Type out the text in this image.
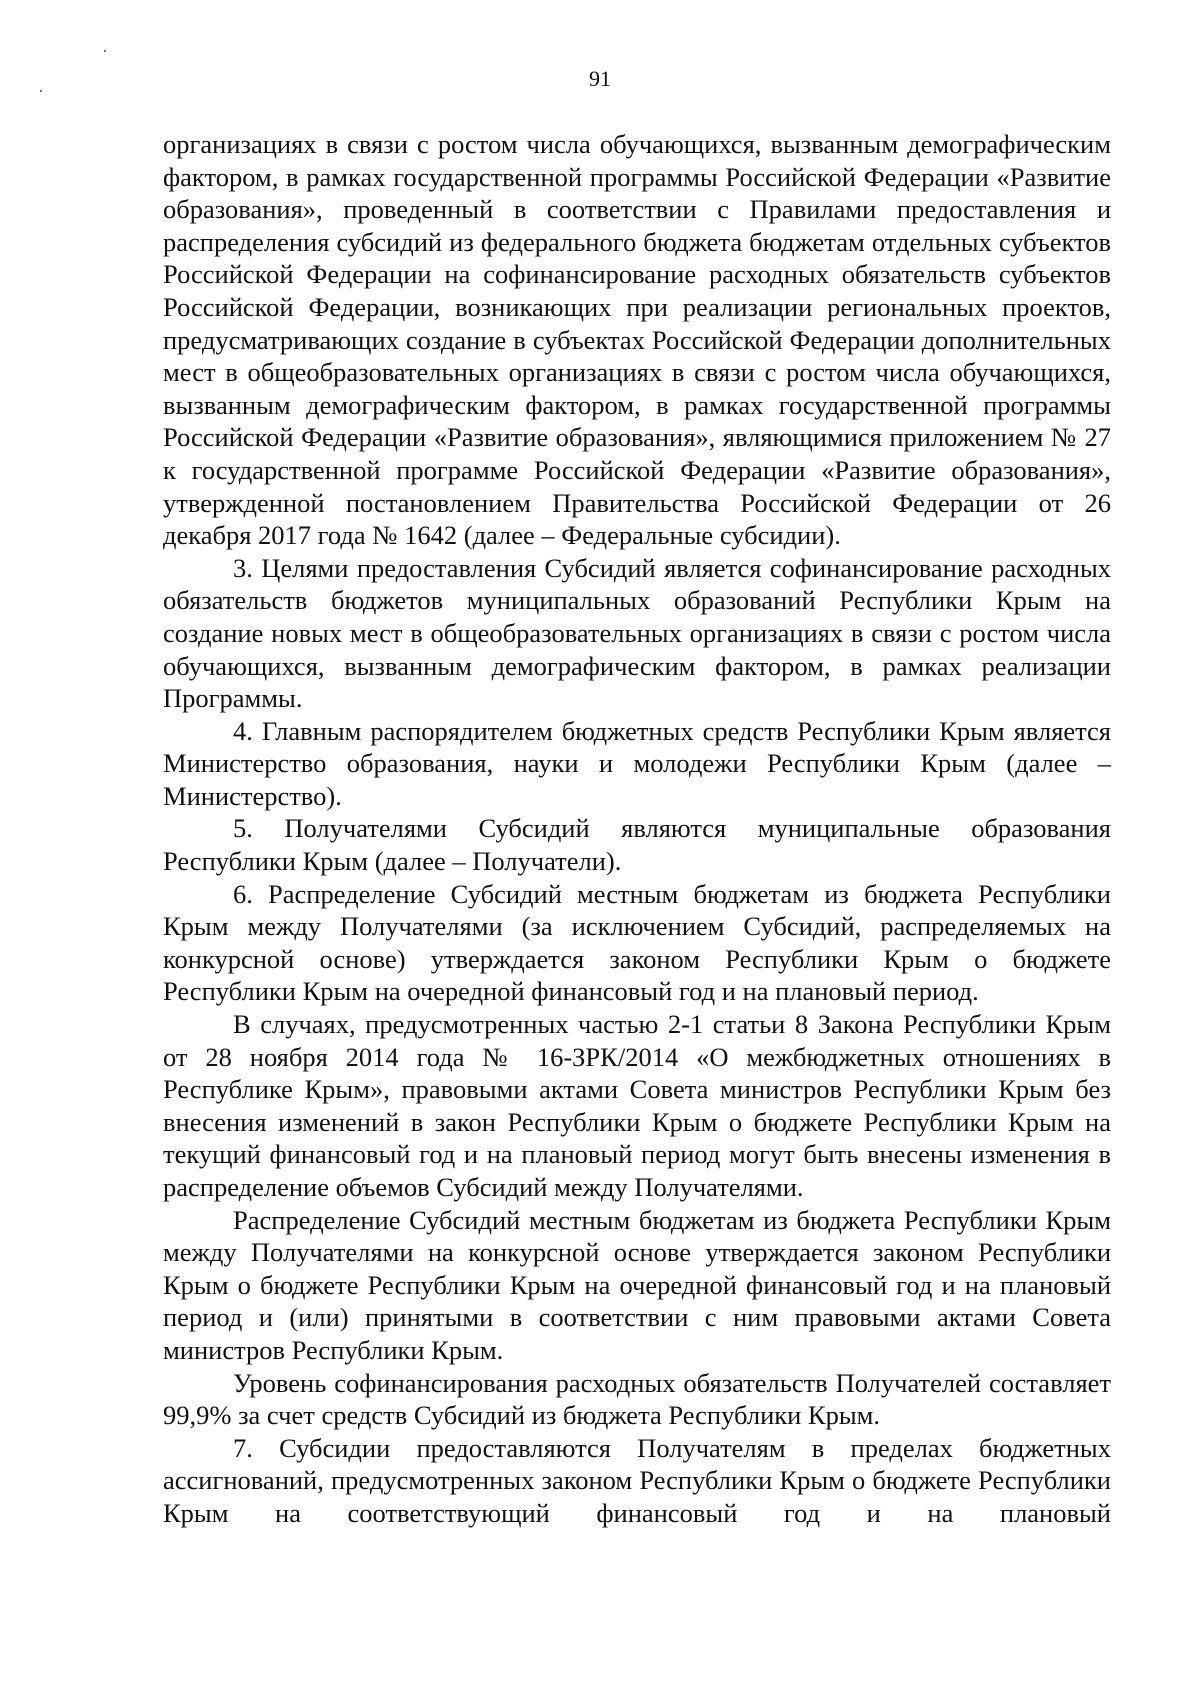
91

организациях в связи с ростом числа обучающихся, вызванным демографическим фактором, в рамках государственной программы Российской Федерации «Развитие образования», проведенный в соответствии с Правилами предоставления и распределения субсидий из федерального бюджета бюджетам отдельных субъектов Российской Федерации на софинансирование расходных обязательств субъектов Российской Федерации, возникающих при реализации региональных проектов, предусматривающих создание в субъектах Российской Федерации дополнительных мест в общеобразовательных организациях в связи с ростом числа обучающихся, вызванным демографическим фактором, в рамках государственной программы Российской Федерации «Развитие образования», являющимися приложением № 27 к государственной программе Российской Федерации «Развитие образования», утвержденной постановлением Правительства Российской Федерации от 26 декабря 2017 года № 1642 (далее – Федеральные субсидии).

3. Целями предоставления Субсидий является софинансирование расходных обязательств бюджетов муниципальных образований Республики Крым на создание новых мест в общеобразовательных организациях в связи с ростом числа обучающихся, вызванным демографическим фактором, в рамках реализации Программы.

4. Главным распорядителем бюджетных средств Республики Крым является Министерство образования, науки и молодежи Республики Крым (далее – Министерство).

5. Получателями Субсидий являются муниципальные образования Республики Крым (далее – Получатели).

6. Распределение Субсидий местным бюджетам из бюджета Республики Крым между Получателями (за исключением Субсидий, распределяемых на конкурсной основе) утверждается законом Республики Крым о бюджете Республики Крым на очередной финансовый год и на плановый период.

В случаях, предусмотренных частью 2-1 статьи 8 Закона Республики Крым от 28 ноября 2014 года № 16-ЗРК/2014 «О межбюджетных отношениях в Республике Крым», правовыми актами Совета министров Республики Крым без внесения изменений в закон Республики Крым о бюджете Республики Крым на текущий финансовый год и на плановый период могут быть внесены изменения в распределение объемов Субсидий между Получателями.

Распределение Субсидий местным бюджетам из бюджета Республики Крым между Получателями на конкурсной основе утверждается законом Республики Крым о бюджете Республики Крым на очередной финансовый год и на плановый период и (или) принятыми в соответствии с ним правовыми актами Совета министров Республики Крым.

Уровень софинансирования расходных обязательств Получателей составляет 99,9% за счет средств Субсидий из бюджета Республики Крым.

7. Субсидии предоставляются Получателям в пределах бюджетных ассигнований, предусмотренных законом Республики Крым о бюджете Республики Крым на соответствующий финансовый год и на плановый
